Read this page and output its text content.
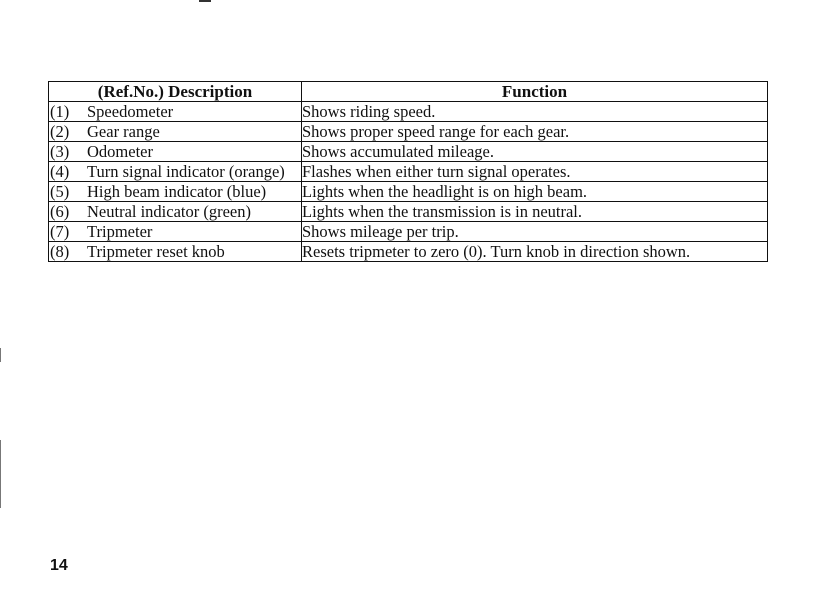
(Ref.No.) Description	Function

(1) Speedometer	Shows riding speed.

(2) Gear range	Shows proper speed range for each gear.

(3) Odometer	Shows accumulated mileage.

(4) Turn signal indicator (orange)	Flashes when either turn signal operates.

(5) High beam indicator (blue)	Lights when the headlight is on high beam.

(6) Neutral indicator (green)	Lights when the transmission is in neutral.

(7) Tripmeter	Shows mileage per trip.

(8) Tripmeter reset knob	Resets tripmeter to zero (0). Turn knob in direction shown.
14
